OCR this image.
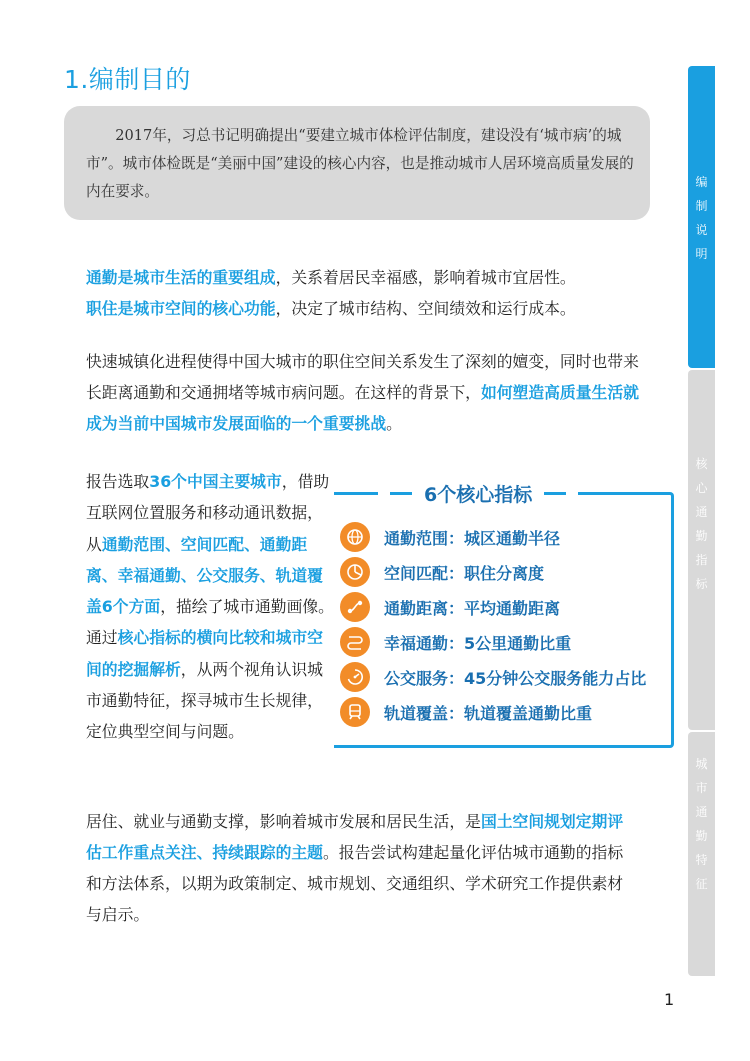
1.编制目的

2017年，习总书记明确提出“要建立城市体检评估制度，建设没有‘城市病’的城市”。城市体检既是“美丽中国”建设的核心内容，也是推动城市人居环境高质量发展的内在要求。

通勤是城市生活的重要组成，关系着居民幸福感，影响着城市宜居性。
职住是城市空间的核心功能，决定了城市结构、空间绩效和运行成本。

快速城镇化进程使得中国大城市的职住空间关系发生了深刻的嬗变，同时也带来长距离通勤和交通拥堵等城市病问题。在这样的背景下，如何塑造高质量生活就成为当前中国城市发展面临的一个重要挑战。

报告选取36个中国主要城市，借助互联网位置服务和移动通讯数据，从通勤范围、空间匹配、通勤距离、幸福通勤、公交服务、轨道覆盖6个方面，描绘了城市通勤画像。通过核心指标的横向比较和城市空间的挖掘解析，从两个视角认识城市通勤特征，探寻城市生长规律，定位典型空间与问题。

6个核心指标
通勤范围：城区通勤半径
空间匹配：职住分离度
通勤距离：平均通勤距离
幸福通勤：5公里通勤比重
公交服务：45分钟公交服务能力占比
轨道覆盖：轨道覆盖通勤比重

居住、就业与通勤支撑，影响着城市发展和居民生活，是国土空间规划定期评估工作重点关注、持续跟踪的主题。报告尝试构建起量化评估城市通勤的指标和方法体系，以期为政策制定、城市规划、交通组织、学术研究工作提供素材与启示。

编
制
说
明
核
心
通
勤
指
标
城
市
通
勤
特
征
1
